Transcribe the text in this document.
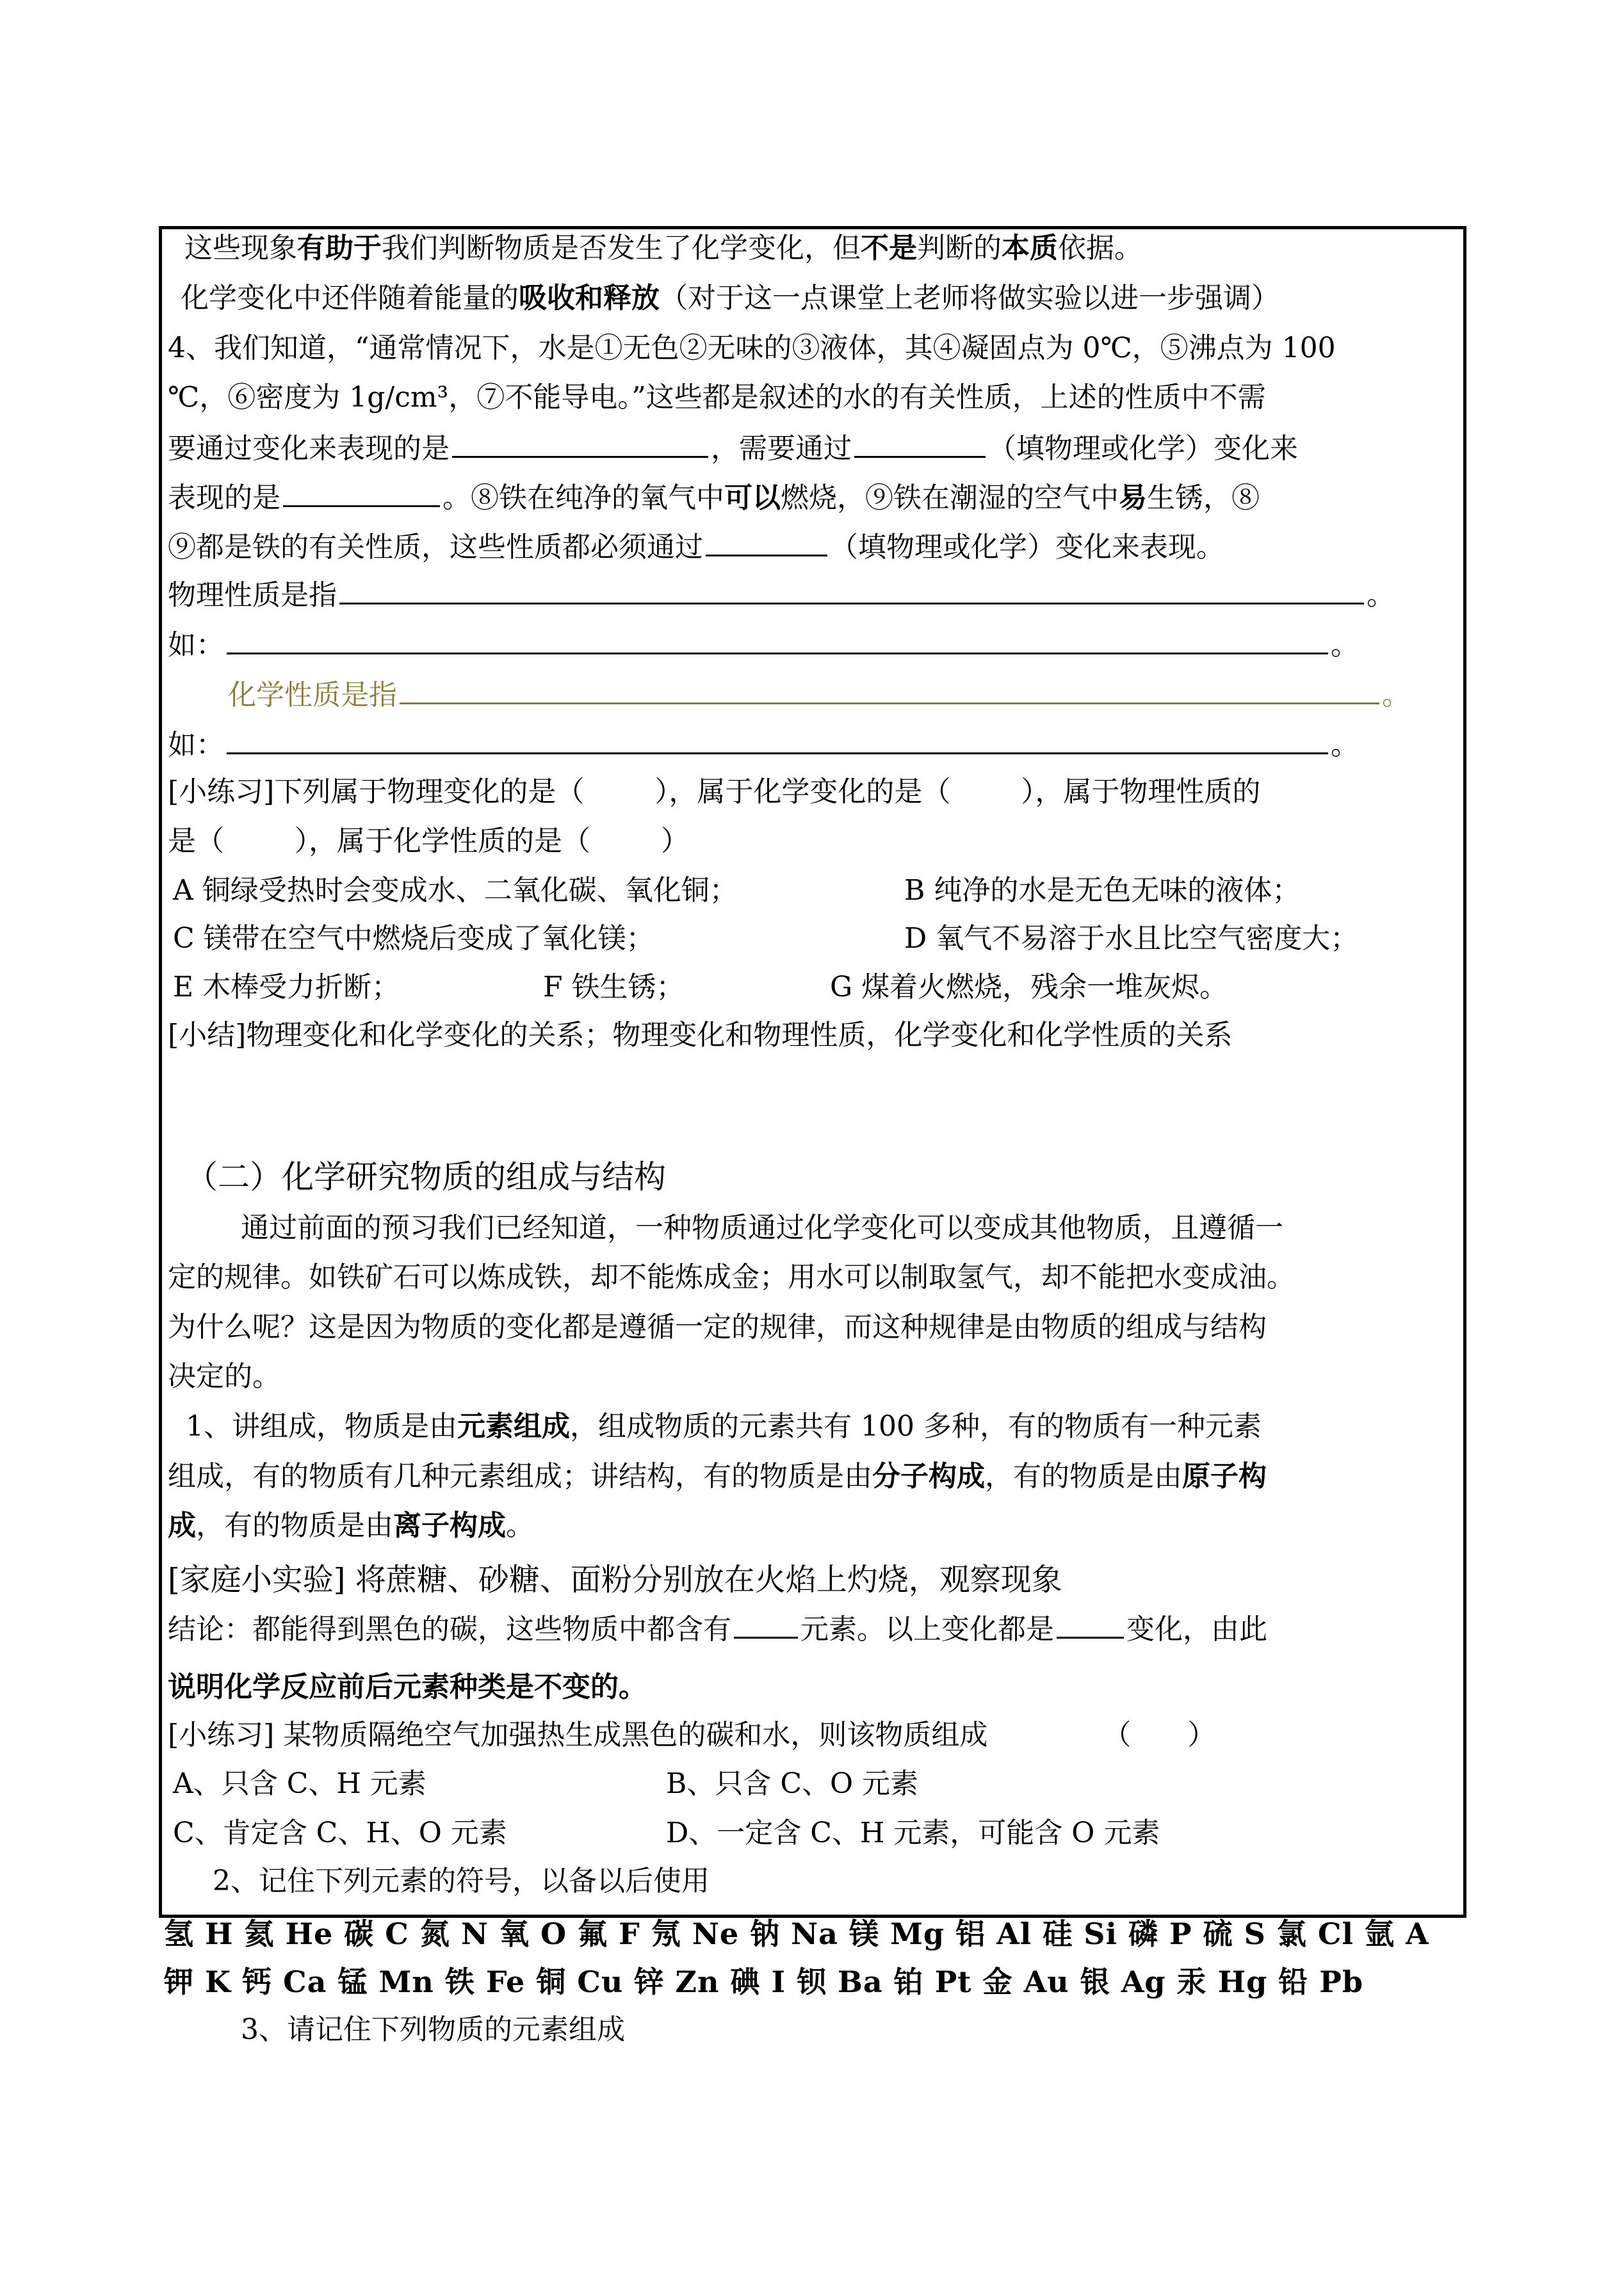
这些现象有助于我们判断物质是否发生了化学变化，但不是判断的本质依据。
化学变化中还伴随着能量的吸收和释放（对于这一点课堂上老师将做实验以进一步强调）
4、我们知道，“通常情况下，水是①无色②无味的③液体，其④凝固点为 0℃，⑤沸点为 100
℃，⑥密度为 1g/cm³，⑦不能导电。”这些都是叙述的水的有关性质，上述的性质中不需
要通过变化来表现的是	，需要通过	（填物理或化学）变化来
表现的是	。⑧铁在纯净的氧气中可以燃烧，⑨铁在潮湿的空气中易生锈，⑧
⑨都是铁的有关性质，这些性质都必须通过	（填物理或化学）变化来表现。
物理性质是指	。
如：	。
化学性质是指	。
如：	。
[小练习]下列属于物理变化的是（	），属于化学变化的是（	），属于物理性质的
是（	），属于化学性质的是（	）
A 铜绿受热时会变成水、二氧化碳、氧化铜；	B 纯净的水是无色无味的液体；
C 镁带在空气中燃烧后变成了氧化镁；	D 氧气不易溶于水且比空气密度大；
E 木棒受力折断；	F 铁生锈；	G 煤着火燃烧，残余一堆灰烬。
[小结]物理变化和化学变化的关系；物理变化和物理性质，化学变化和化学性质的关系
（二）化学研究物质的组成与结构
通过前面的预习我们已经知道，一种物质通过化学变化可以变成其他物质，且遵循一
定的规律。如铁矿石可以炼成铁，却不能炼成金；用水可以制取氢气，却不能把水变成油。
为什么呢？这是因为物质的变化都是遵循一定的规律，而这种规律是由物质的组成与结构
决定的。
1、讲组成，物质是由元素组成，组成物质的元素共有 100 多种，有的物质有一种元素
组成，有的物质有几种元素组成；讲结构，有的物质是由分子构成，有的物质是由原子构
成，有的物质是由离子构成。
[家庭小实验] 将蔗糖、砂糖、面粉分别放在火焰上灼烧，观察现象
结论：都能得到黑色的碳，这些物质中都含有 元素。以上变化都是	变化，由此
说明化学反应前后元素种类是不变的。
[小练习] 某物质隔绝空气加强热生成黑色的碳和水，则该物质组成	（　　）
A、只含 C、H 元素	B、只含 C、O 元素
C、肯定含 C、H、O 元素	D、一定含 C、H 元素，可能含 O 元素
2、记住下列元素的符号，以备以后使用
氢 H 氦 He 碳 C 氮 N 氧 O 氟 F 氖 Ne 钠 Na 镁 Mg 铝 Al 硅 Si 磷 P 硫 S 氯 Cl 氩 A
钾 K 钙 Ca 锰 Mn 铁 Fe 铜 Cu 锌 Zn 碘 I 钡 Ba 铂 Pt 金 Au 银 Ag 汞 Hg 铅 Pb
3、请记住下列物质的元素组成
